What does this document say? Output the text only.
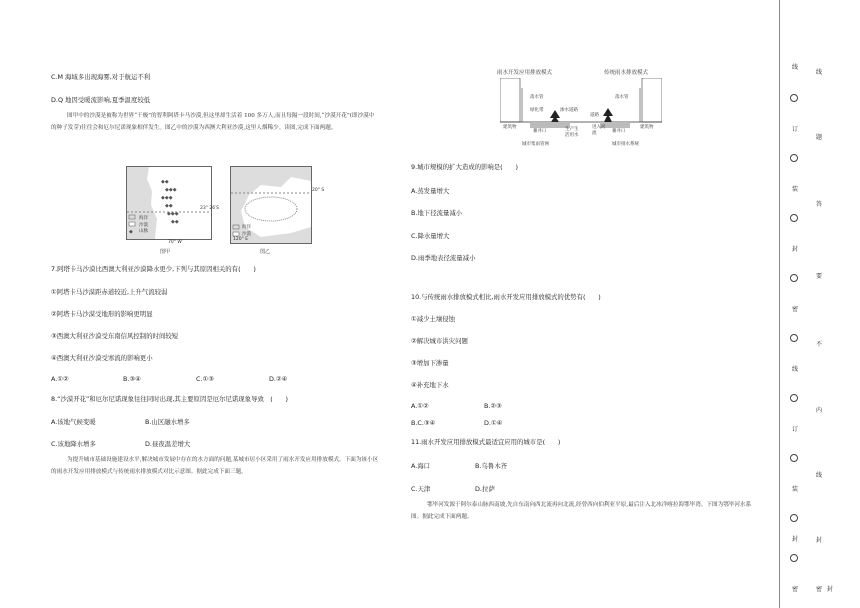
C.M 海域多出现海雾,对于航运不利
D.Q 地因受暖流影响,夏季温度较低
图甲中的沙漠是被称为世界“干极”的智利阿塔卡马沙漠,但这里却生活着 100 多万人,而且每隔一段时间,“沙漠开花”(即沙漠中的种子发芽)往往会和厄尔尼诺现象相伴发生。图乙中的沙漠为西澳大利亚沙漠,这里人烟稀少。读图,完成下面两题。
◆◆
◆◆◆
◆◆◆
◆◆
◆◆◆
◆◆
◆
海洋
沙漠
山脉
23° 26′S
70° W
图甲
海洋
沙漠
120° E
20° S
图乙
7.阿塔卡马沙漠比西澳大利亚沙漠降水更少,下列与其原因相关的有(　　)
①阿塔卡马沙漠距赤道较近,上升气流较弱
②阿塔卡马沙漠受地形的影响更明显
③西澳大利亚沙漠受东南信风控制的时间较短
④西澳大利亚沙漠受寒流的影响更小
A.①②	B.③④	C.①③	D.②④
8.“沙漠开花”和厄尔尼诺现象往往同时出现,其主要原因是厄尔尼诺现象导致　(　　)
A.该地气候变暖	B.山区融水增多
C.该地降水增多	D.昼夜温差增大
为提升城市基础设施建设水平,解决城市发展中存在的水方面的问题,某城市居小区采用了雨水开发应用排放模式。下面为该小区的雨水开发应用排放模式与传统雨水排放模式对比示意图。据此完成下面三题。
雨水开发应用排放模式	传统雨水排放模式
落水管
绿化带	渗水道路
建筑物
蓄井口	生产生活用水
进入河流
落水管
建筑物
蓄井口
道路
城市集雨管网	城市排水系统
9.城市规模的扩大造成的影响是(　　)
A.蒸发量增大
B.地下径流量减小
C.降水量增大
D.雨季地表径流量减小
10.与传统雨水排放模式相比,雨水开发应用排放模式的优势有(　　)
①减少土壤侵蚀
②解决城市洪灾问题
③增加下渗量
④补充地下水
A.①②	B.②③
B.C.③④	D.①④
11.雨水开发应用排放模式最适宜应用的城市是(　　)
A.海口	B.乌鲁木齐
C.天津	D.拉萨
鄂毕河发源于阿尔泰山脉西南坡,先自东南向西北流再向北流,经曾西向伯利亚平原,最后注入北冰洋喀拉海鄂毕湾。下图为鄂毕河水系图。据此完成下面两题。
线
订
装
封
密
线
订
装
封
密
线
题
答
要
不
内
线
封
密 封
